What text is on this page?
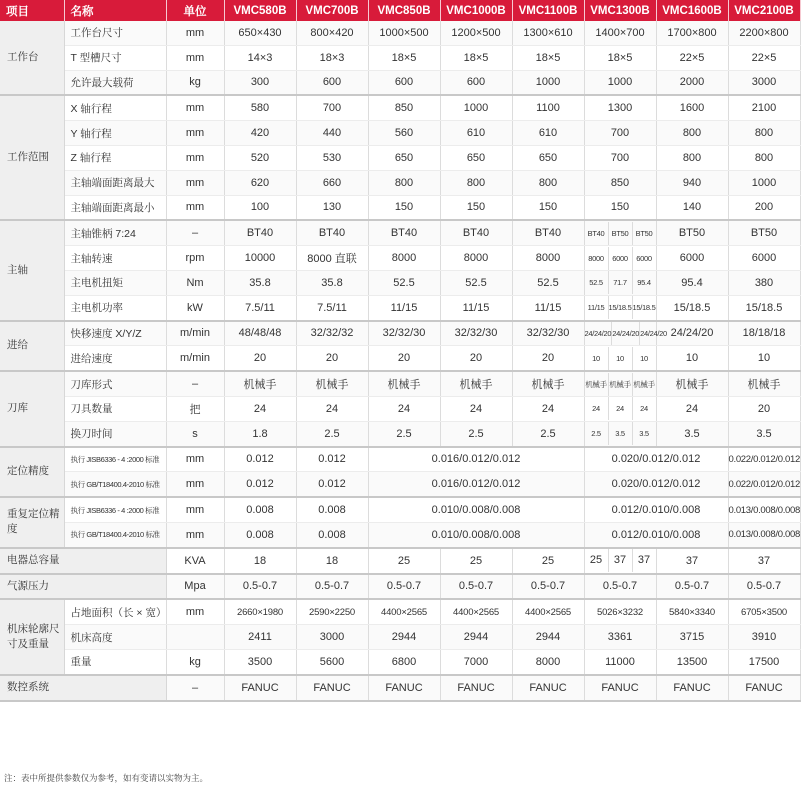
项目	名称	单位	VMC580B	VMC700B	VMC850B	VMC1000B	VMC1100B	VMC1300B	VMC1600B	VMC2100B
工作台	工作台尺寸	mm	650×430	800×420	1000×500	1200×500	1300×610	1400×700	1700×800	2200×800
	T 型槽尺寸	mm	14×3	18×3	18×5	18×5	18×5	18×5	22×5	22×5
	允许最大载荷	kg	300	600	600	600	1000	1000	2000	3000
工作范围	X 轴行程	mm	580	700	850	1000	1100	1300	1600	2100
	Y 轴行程	mm	420	440	560	610	610	700	800	800
	Z 轴行程	mm	520	530	650	650	650	700	800	800
	主轴端面距离最大	mm	620	660	800	800	800	850	940	1000
	主轴端面距离最小	mm	100	130	150	150	150	150	140	200
主轴	主轴锥柄 7:24	–	BT40	BT40	BT40	BT40	BT40	BT40 BT50 BT50	BT50	BT50
	主轴转速	rpm	10000	8000 直联	8000	8000	8000	8000 6000 6000	6000	6000
	主电机扭矩	Nm	35.8	35.8	52.5	52.5	52.5	52.5 71.7 95.4	95.4	380
	主电机功率	kW	7.5/11	7.5/11	11/15	11/15	11/15	11/15 15/18.5 15/18.5	15/18.5	15/18.5
进给	快移速度 X/Y/Z	m/min	48/48/48	32/32/32	32/32/30	32/32/30	32/32/30	24/24/20 24/24/20 24/24/20	24/24/20	18/18/18
	进给速度	m/min	20	20	20	20	20	10 10 10	10	10
刀库	刀库形式	–	机械手	机械手	机械手	机械手	机械手	机械手 机械手 机械手	机械手	机械手
	刀具数量	把	24	24	24	24	24	24 24 24	24	20
	换刀时间	s	1.8	2.5	2.5	2.5	2.5	2.5 3.5 3.5	3.5	3.5
定位精度	执行 JISB6336 - 4 :2000 标准	mm	0.012	0.012	0.016/0.012/0.012			0.020/0.012/0.012		0.022/0.012/0.012
	执行 GB/T18400.4-2010 标准	mm	0.012	0.012	0.016/0.012/0.012			0.020/0.012/0.012		0.022/0.012/0.012
重复定位精度	执行 JISB6336 - 4 :2000 标准	mm	0.008	0.008	0.010/0.008/0.008			0.012/0.010/0.008		0.013/0.008/0.008
	执行 GB/T18400.4-2010 标准	mm	0.008	0.008	0.010/0.008/0.008			0.012/0.010/0.008		0.013/0.008/0.008
电器总容量		KVA	18	18	25	25	25	25 37 37	37	37
气源压力		Mpa	0.5-0.7	0.5-0.7	0.5-0.7	0.5-0.7	0.5-0.7	0.5-0.7	0.5-0.7	0.5-0.7
机床轮廓尺寸及重量	占地面积（长 × 宽）	mm	2660×1980	2590×2250	4400×2565	4400×2565	4400×2565	5026×3232	5840×3340	6705×3500
	机床高度		2411	3000	2944	2944	2944	3361	3715	3910
	重量	kg	3500	5600	6800	7000	8000	11000	13500	17500
数控系统		–	FANUC	FANUC	FANUC	FANUC	FANUC	FANUC	FANUC	FANUC
注：表中所提供参数仅为参考，如有变请以实物为主。
